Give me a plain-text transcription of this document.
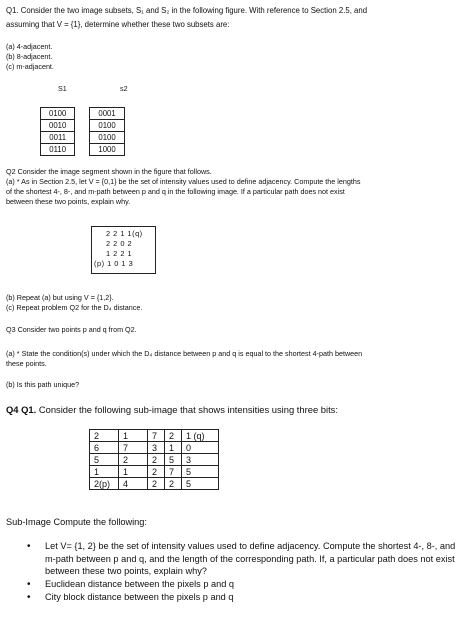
Q1. Consider the two image subsets, S₁ and S₂ in the following figure. With reference to Section 2.5, and
assuming that V = {1}, determine whether these two subsets are:
(a) 4-adjacent.
(b) 8-adjacent.
(c) m-adjacent.
S1	s2
0100		0001
0010		0100
0011		0100
0110		1000
Q2 Consider the image segment shown in the figure that follows.
(a) * As in Section 2.5, let V = {0,1} be the set of intensity values used to define adjacency. Compute the lengths
of the shortest 4-, 8-, and m-path between p and q in the following image. If a particular path does not exist
between these two points, explain why.
2 2 1 1(q)
2 2 0 2
1 2 2 1
(p) 1 0 1 3
(b) Repeat (a) but using V = {1,2}.
(c) Repeat problem Q2 for the D₄ distance.
Q3 Consider two points p and q from Q2.
(a) * State the condition(s) under which the D₄ distance between p and q is equal to the shortest 4-path between
these points.
(b) Is this path unique?
Q4 Q1. Consider the following sub-image that shows intensities using three bits:
2	1	7	2	1 (q)
6	7	3	1	0
5	2	2	5	3
1	1	2	7	5
2(p)	4	2	2	5
Sub-Image Compute the following:
• Let V= {1, 2} be the set of intensity values used to define adjacency. Compute the shortest 4-, 8-, and m-path between p and q, and the length of the corresponding path. If, a particular path does not exist between these two points, explain why?
• Euclidean distance between the pixels p and q
• City block distance between the pixels p and q
